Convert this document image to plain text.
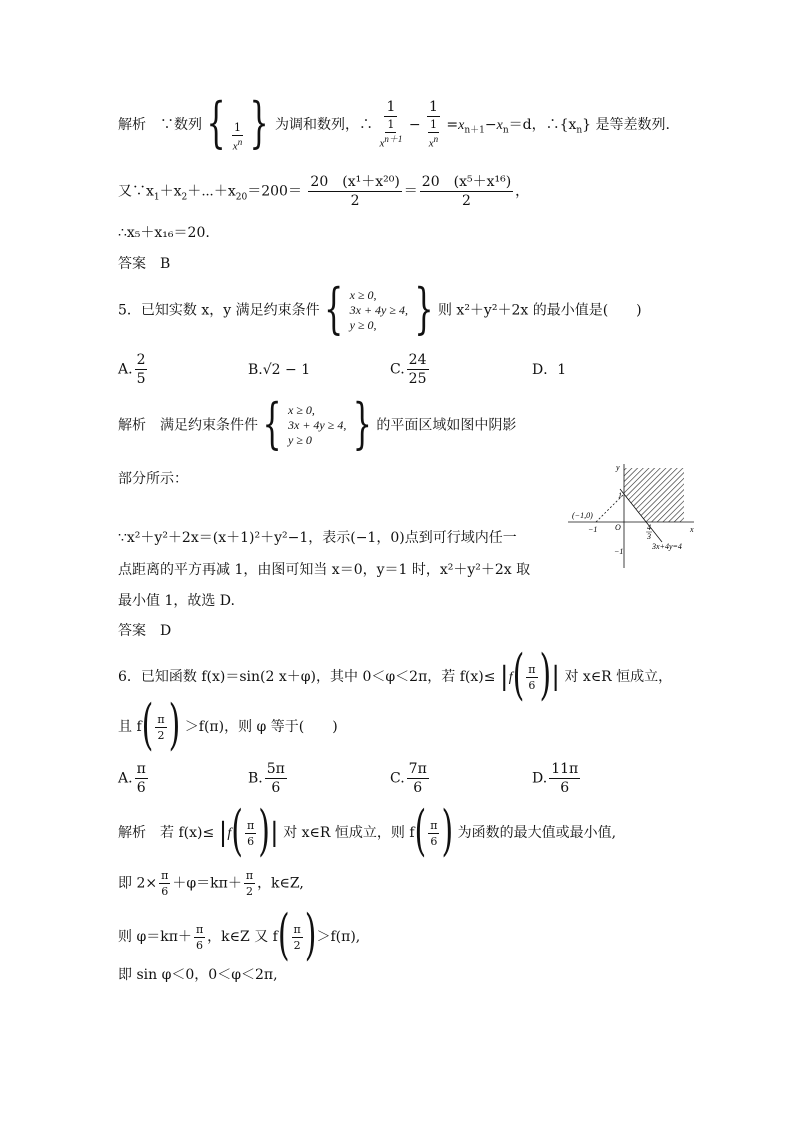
解析　∵数列 { $\frac{1}{x^n}$ } 为调和数列，∴ $\frac{1}{\frac{1}{x^{n+1}}} - \frac{1}{\frac{1}{x^n}} =x_{n+1}-x_n=d$，$\therefore\{x_n\}$ 是等差数列.
又$\because x_1+x_2+\cdots+x_{20}=200= \frac{\text{20　(x¹＋x²⁰)}}{2} = \frac{\text{20　(x⁵＋x¹⁶)}}{2}$ ，
∴x₅＋x₁₆＝20.
答案　B
5．已知实数 x，y 满足约束条件 { x ≥ 0,
3x + 4y ≥ 4,
y ≥ 0,	} 则 x²＋y²＋2x 的最小值是(　　)
A. $\frac{2}{5}$	B.√2 − 1	C. $\frac{24}{25}$	D．1
解析　满足约束条件件 { x ≥ 0,
3x + 4y ≥ 4,
y ≥ 0	} 的平面区域如图中阴影
部分所示：
∵x²＋y²＋2x＝(x＋1)²＋y²−1，表示(−1，0)点到可行域内任一
点距离的平方再减 1，由图可知当 x＝0，y＝1 时，x²＋y²＋2x 取
最小值 1，故选 D.
答案　D
y
x
O
1
−1
−1
(−1,0)
4
3
3x+4y=4
6．已知函数 f(x)＝sin(2 x＋φ)，其中 0＜φ＜2π，若 $f(x)\le |f( \frac{\pi}{6}$ )| 对 x∈R 恒成立，
且 $f( \frac{\pi}{2}$ ) ＞f(π)，则 φ 等于(　　)
A. $\frac{\pi}{6}$	B. $\frac{5\pi}{6}$	C. $\frac{7\pi}{6}$	D. $\frac{11\pi}{6}$
解析　若 $f(x)\le |f( \frac{\pi}{6}$ )| 对 x∈R 恒成立，则 $f( \frac{\pi}{6}$ ) 为函数的最大值或最小值,
即 $2\times \frac{\pi}{6} +\varphi=k\pi+ \frac{\pi}{2}$ ，k∈Z,
则 $\varphi=k\pi+ \frac{\pi}{6}$ ，k∈Z 又 $f( \frac{\pi}{2} )>f(\pi)$,
即 sin φ＜0，0＜φ＜2π,
